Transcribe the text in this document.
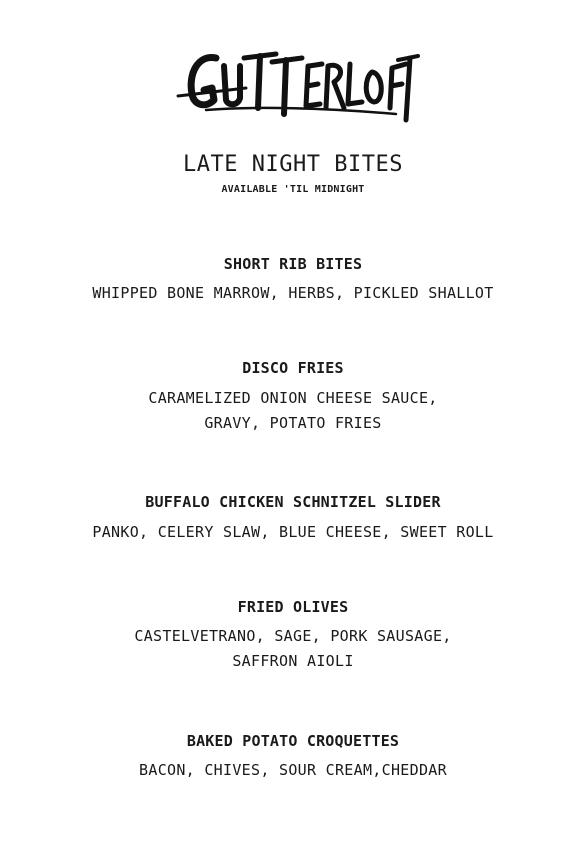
LATE NIGHT BITES
AVAILABLE 'TIL MIDNIGHT
SHORT RIB BITES
WHIPPED BONE MARROW, HERBS, PICKLED SHALLOT
DISCO FRIES
CARAMELIZED ONION CHEESE SAUCE,
GRAVY, POTATO FRIES
BUFFALO CHICKEN SCHNITZEL SLIDER
PANKO, CELERY SLAW, BLUE CHEESE, SWEET ROLL
FRIED OLIVES
CASTELVETRANO, SAGE, PORK SAUSAGE,
SAFFRON AIOLI
BAKED POTATO CROQUETTES
BACON, CHIVES, SOUR CREAM,CHEDDAR
